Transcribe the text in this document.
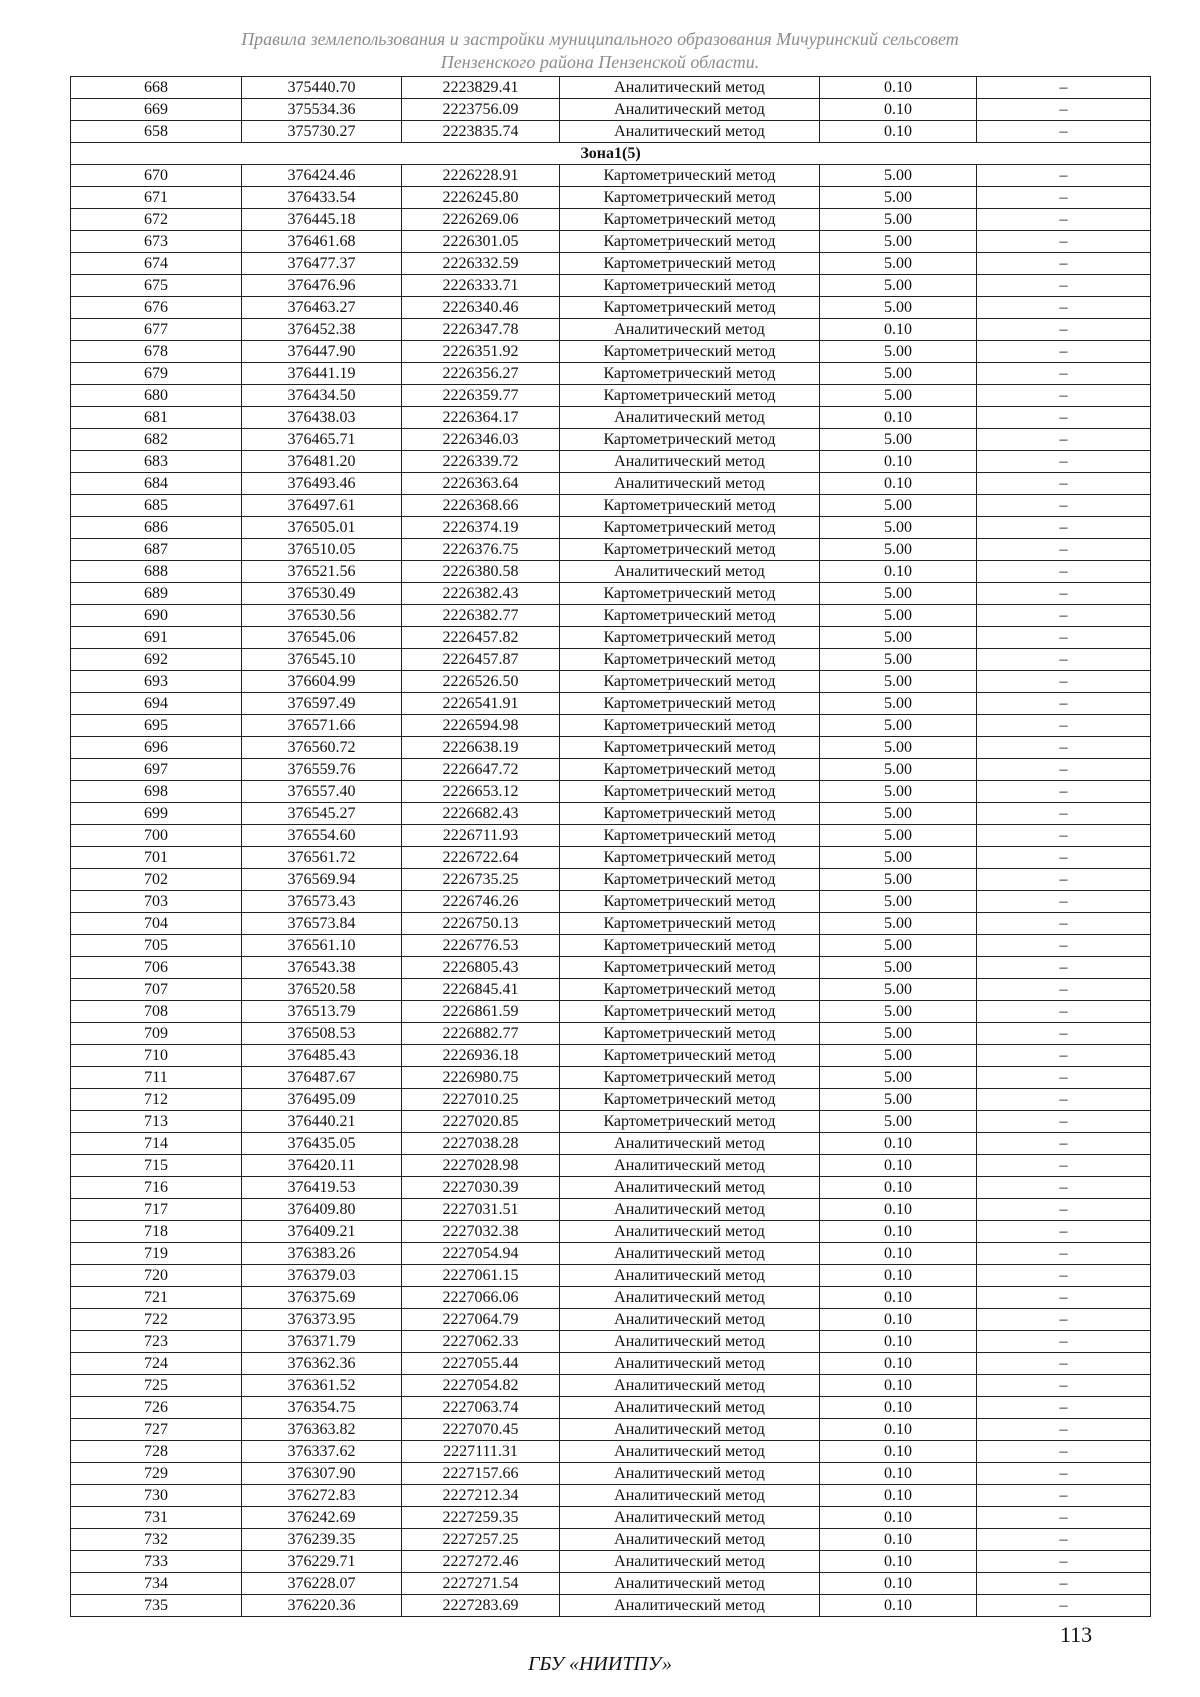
Правила землепользования и застройки муниципального образования Мичуринский сельсовет
Пензенского района Пензенской области.
668	375440.70	2223829.41	Аналитический метод	0.10	–
669	375534.36	2223756.09	Аналитический метод	0.10	–
658	375730.27	2223835.74	Аналитический метод	0.10	–
Зона1(5)					
670	376424.46	2226228.91	Картометрический метод	5.00	–
671	376433.54	2226245.80	Картометрический метод	5.00	–
672	376445.18	2226269.06	Картометрический метод	5.00	–
673	376461.68	2226301.05	Картометрический метод	5.00	–
674	376477.37	2226332.59	Картометрический метод	5.00	–
675	376476.96	2226333.71	Картометрический метод	5.00	–
676	376463.27	2226340.46	Картометрический метод	5.00	–
677	376452.38	2226347.78	Аналитический метод	0.10	–
678	376447.90	2226351.92	Картометрический метод	5.00	–
679	376441.19	2226356.27	Картометрический метод	5.00	–
680	376434.50	2226359.77	Картометрический метод	5.00	–
681	376438.03	2226364.17	Аналитический метод	0.10	–
682	376465.71	2226346.03	Картометрический метод	5.00	–
683	376481.20	2226339.72	Аналитический метод	0.10	–
684	376493.46	2226363.64	Аналитический метод	0.10	–
685	376497.61	2226368.66	Картометрический метод	5.00	–
686	376505.01	2226374.19	Картометрический метод	5.00	–
687	376510.05	2226376.75	Картометрический метод	5.00	–
688	376521.56	2226380.58	Аналитический метод	0.10	–
689	376530.49	2226382.43	Картометрический метод	5.00	–
690	376530.56	2226382.77	Картометрический метод	5.00	–
691	376545.06	2226457.82	Картометрический метод	5.00	–
692	376545.10	2226457.87	Картометрический метод	5.00	–
693	376604.99	2226526.50	Картометрический метод	5.00	–
694	376597.49	2226541.91	Картометрический метод	5.00	–
695	376571.66	2226594.98	Картометрический метод	5.00	–
696	376560.72	2226638.19	Картометрический метод	5.00	–
697	376559.76	2226647.72	Картометрический метод	5.00	–
698	376557.40	2226653.12	Картометрический метод	5.00	–
699	376545.27	2226682.43	Картометрический метод	5.00	–
700	376554.60	2226711.93	Картометрический метод	5.00	–
701	376561.72	2226722.64	Картометрический метод	5.00	–
702	376569.94	2226735.25	Картометрический метод	5.00	–
703	376573.43	2226746.26	Картометрический метод	5.00	–
704	376573.84	2226750.13	Картометрический метод	5.00	–
705	376561.10	2226776.53	Картометрический метод	5.00	–
706	376543.38	2226805.43	Картометрический метод	5.00	–
707	376520.58	2226845.41	Картометрический метод	5.00	–
708	376513.79	2226861.59	Картометрический метод	5.00	–
709	376508.53	2226882.77	Картометрический метод	5.00	–
710	376485.43	2226936.18	Картометрический метод	5.00	–
711	376487.67	2226980.75	Картометрический метод	5.00	–
712	376495.09	2227010.25	Картометрический метод	5.00	–
713	376440.21	2227020.85	Картометрический метод	5.00	–
714	376435.05	2227038.28	Аналитический метод	0.10	–
715	376420.11	2227028.98	Аналитический метод	0.10	–
716	376419.53	2227030.39	Аналитический метод	0.10	–
717	376409.80	2227031.51	Аналитический метод	0.10	–
718	376409.21	2227032.38	Аналитический метод	0.10	–
719	376383.26	2227054.94	Аналитический метод	0.10	–
720	376379.03	2227061.15	Аналитический метод	0.10	–
721	376375.69	2227066.06	Аналитический метод	0.10	–
722	376373.95	2227064.79	Аналитический метод	0.10	–
723	376371.79	2227062.33	Аналитический метод	0.10	–
724	376362.36	2227055.44	Аналитический метод	0.10	–
725	376361.52	2227054.82	Аналитический метод	0.10	–
726	376354.75	2227063.74	Аналитический метод	0.10	–
727	376363.82	2227070.45	Аналитический метод	0.10	–
728	376337.62	2227111.31	Аналитический метод	0.10	–
729	376307.90	2227157.66	Аналитический метод	0.10	–
730	376272.83	2227212.34	Аналитический метод	0.10	–
731	376242.69	2227259.35	Аналитический метод	0.10	–
732	376239.35	2227257.25	Аналитический метод	0.10	–
733	376229.71	2227272.46	Аналитический метод	0.10	–
734	376228.07	2227271.54	Аналитический метод	0.10	–
735	376220.36	2227283.69	Аналитический метод	0.10	–
113
ГБУ «НИИТПУ»
